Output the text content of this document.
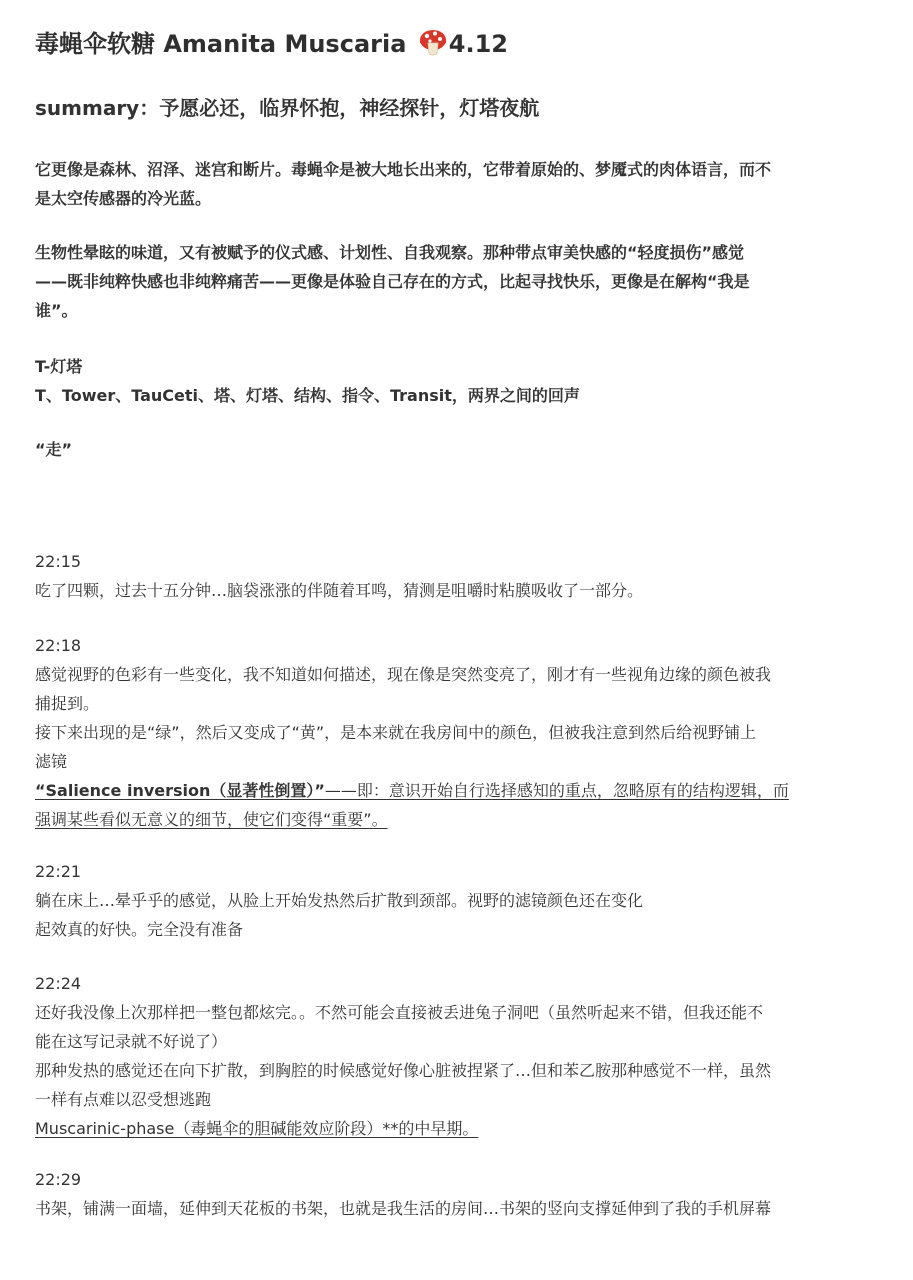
毒蝇伞软糖 Amanita Muscaria 4.12
summary：予愿必还，临界怀抱，神经探针，灯塔夜航
它更像是森林、沼泽、迷宫和断片。毒蝇伞是被大地长出来的，它带着原始的、梦魇式的肉体语言，而不
是太空传感器的冷光蓝。
生物性晕眩的味道，又有被赋予的仪式感、计划性、自我观察。那种带点审美快感的“轻度损伤”感觉
——既非纯粹快感也非纯粹痛苦——更像是体验自己存在的方式，比起寻找快乐，更像是在解构“我是
谁”。
T-灯塔
T、Tower、TauCeti、塔、灯塔、结构、指令、Transit，两界之间的回声
“走”
22:15
吃了四颗，过去十五分钟…脑袋涨涨的伴随着耳鸣，猜测是咀嚼时粘膜吸收了一部分。
22:18
感觉视野的色彩有一些变化，我不知道如何描述，现在像是突然变亮了，刚才有一些视角边缘的颜色被我
捕捉到。
接下来出现的是“绿”，然后又变成了“黄”，是本来就在我房间中的颜色，但被我注意到然后给视野铺上
滤镜
“Salience inversion（显著性倒置）”——即：意识开始自行选择感知的重点，忽略原有的结构逻辑，而
强调某些看似无意义的细节，使它们变得“重要”。
22:21
躺在床上…晕乎乎的感觉，从脸上开始发热然后扩散到颈部。视野的滤镜颜色还在变化
起效真的好快。完全没有准备
22:24
还好我没像上次那样把一整包都炫完。。不然可能会直接被丢进兔子洞吧（虽然听起来不错，但我还能不
能在这写记录就不好说了）
那种发热的感觉还在向下扩散，到胸腔的时候感觉好像心脏被捏紧了…但和苯乙胺那种感觉不一样，虽然
一样有点难以忍受想逃跑
Muscarinic-phase（毒蝇伞的胆碱能效应阶段）**的中早期。
22:29
书架，铺满一面墙，延伸到天花板的书架，也就是我生活的房间…书架的竖向支撑延伸到了我的手机屏幕
